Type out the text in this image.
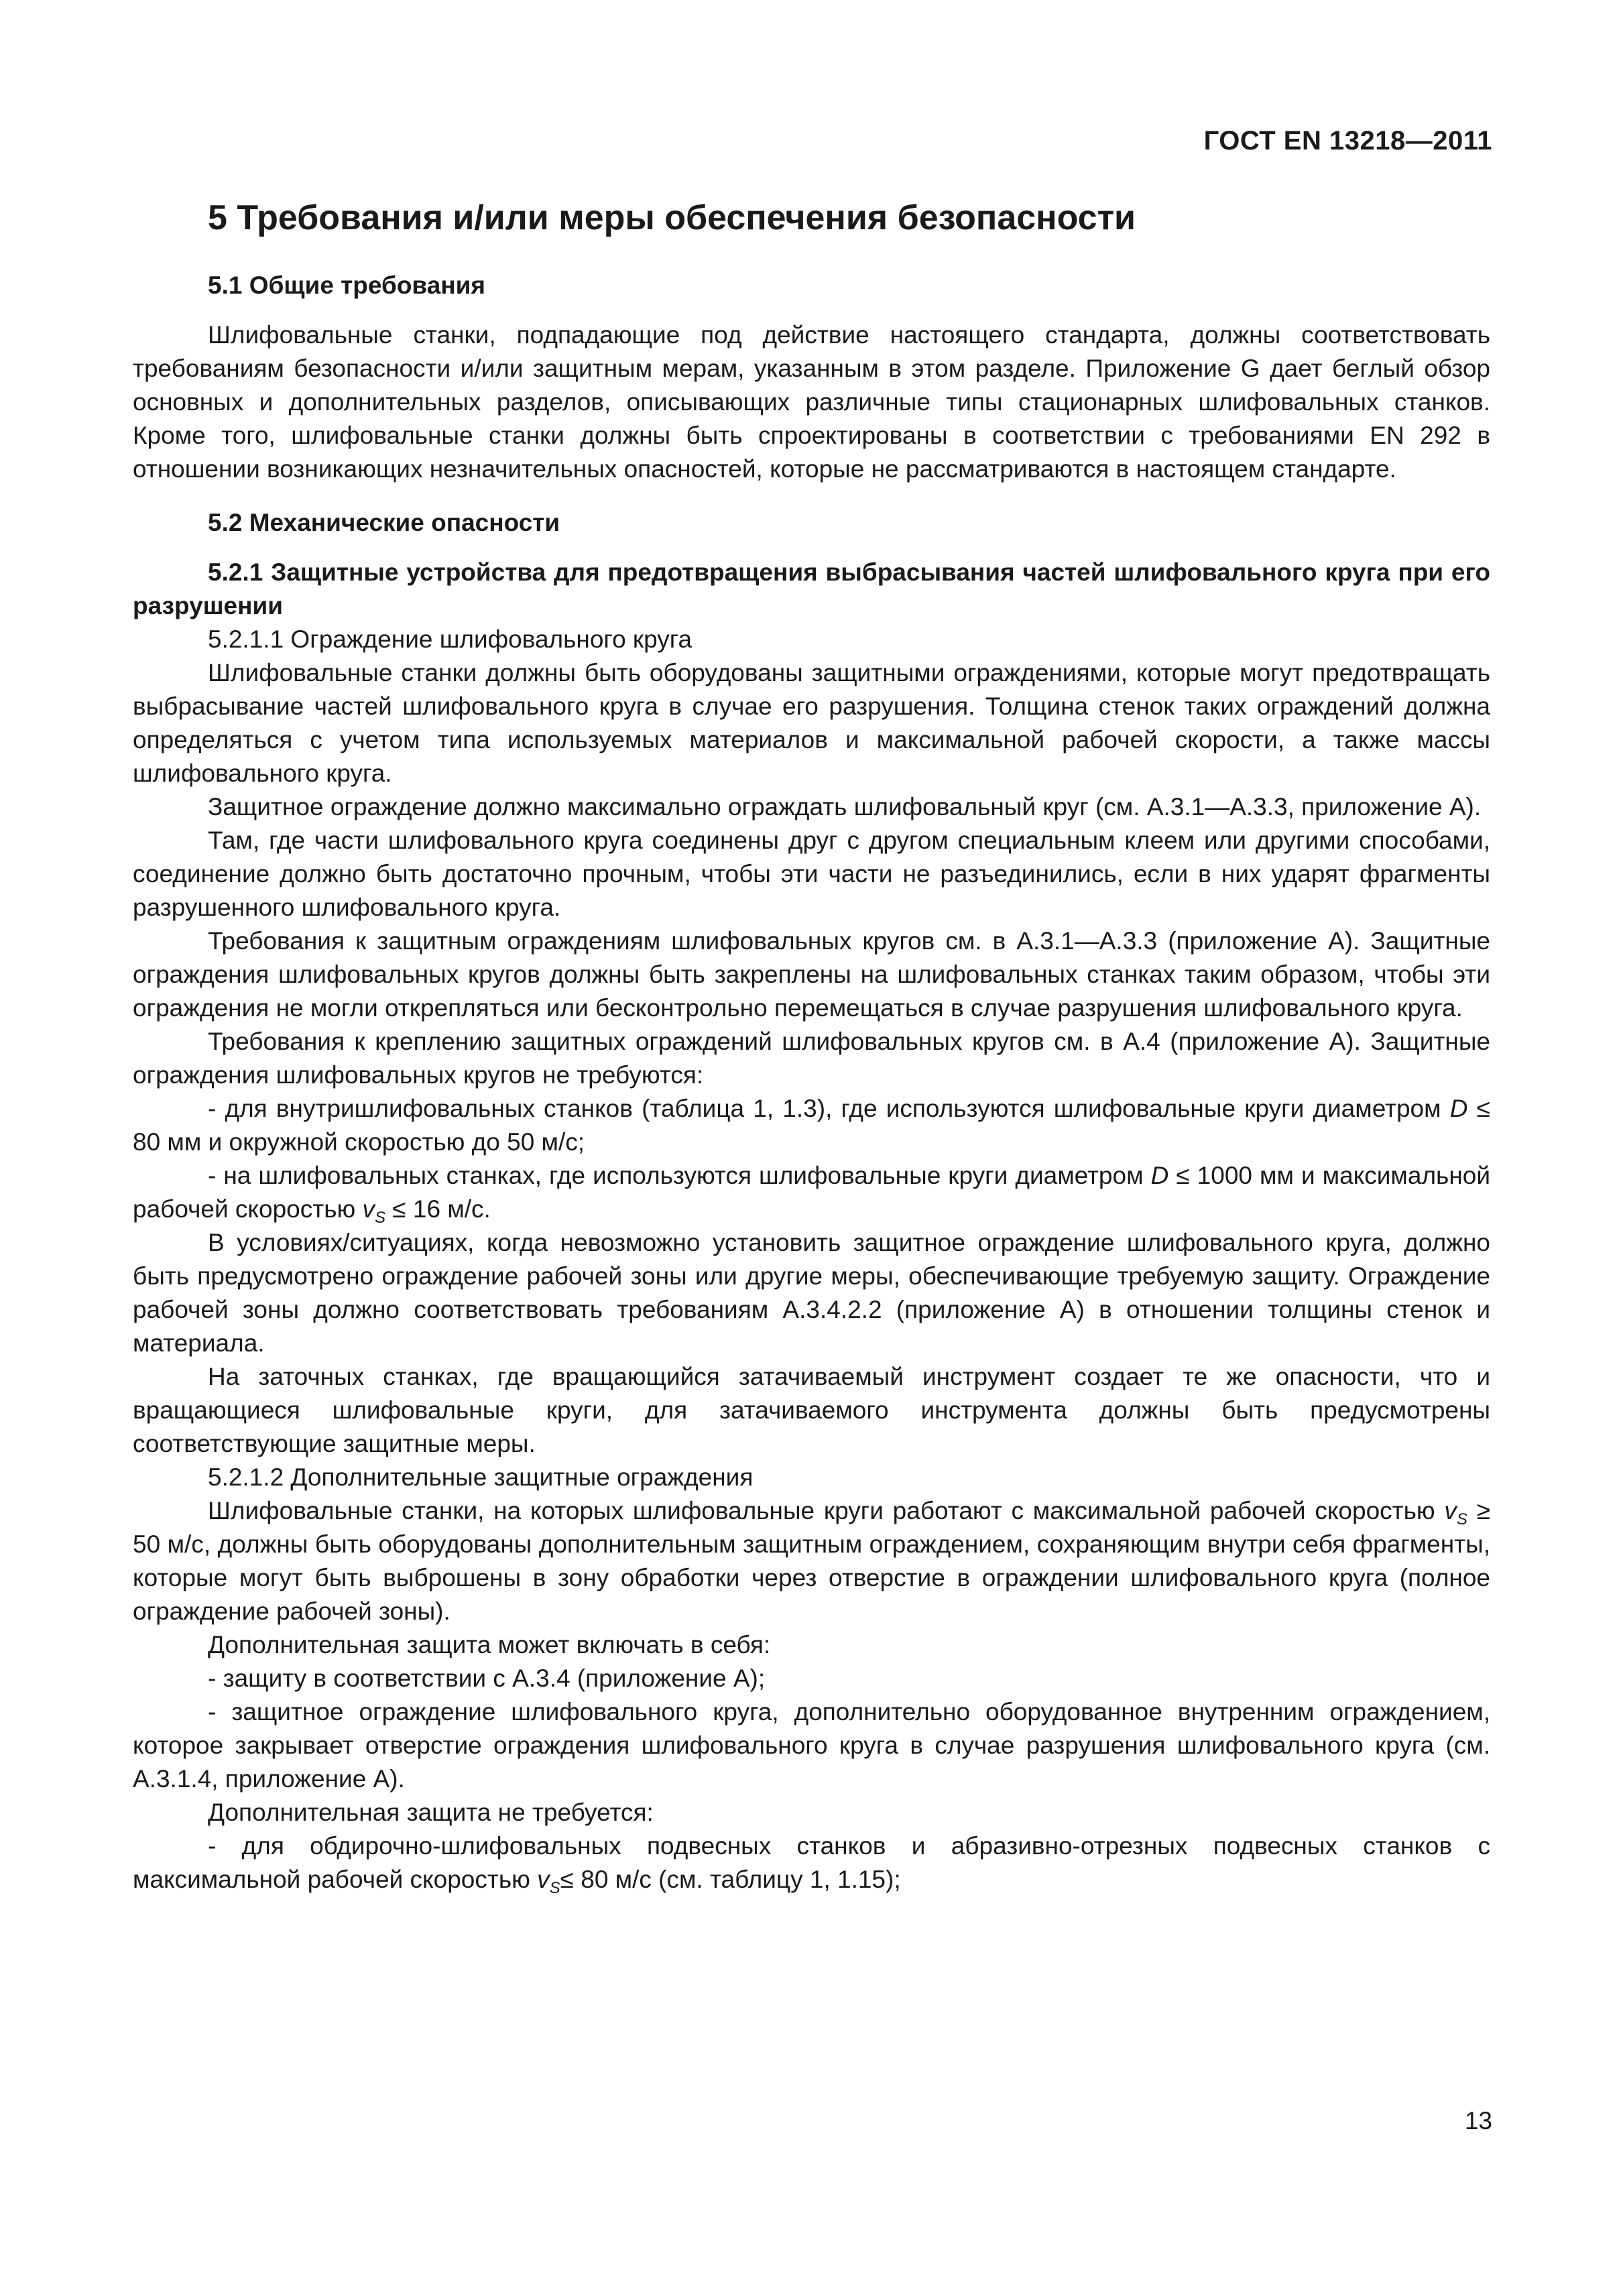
ГОСТ EN 13218—2011
5 Требования и/или меры обеспечения безопасности
5.1 Общие требования

Шлифовальные станки, подпадающие под действие настоящего стандарта, должны соответствовать требованиям безопасности и/или защитным мерам, указанным в этом разделе. Приложение G дает беглый обзор основных и дополнительных разделов, описывающих различные типы стационарных шлифовальных станков. Кроме того, шлифовальные станки должны быть спроектированы в соответствии с требованиями EN 292 в отношении возникающих незначительных опасностей, которые не рассматриваются в настоящем стандарте.

5.2 Механические опасности

5.2.1 Защитные устройства для предотвращения выбрасывания частей шлифовального круга при его разрушении

5.2.1.1 Ограждение шлифовального круга

Шлифовальные станки должны быть оборудованы защитными ограждениями, которые могут предотвращать выбрасывание частей шлифовального круга в случае его разрушения. Толщина стенок таких ограждений должна определяться с учетом типа используемых материалов и максимальной рабочей скорости, а также массы шлифовального круга.

Защитное ограждение должно максимально ограждать шлифовальный круг (см. А.3.1—А.3.3, приложение А).

Там, где части шлифовального круга соединены друг с другом специальным клеем или другими способами, соединение должно быть достаточно прочным, чтобы эти части не разъединились, если в них ударят фрагменты разрушенного шлифовального круга.

Требования к защитным ограждениям шлифовальных кругов см. в А.3.1—А.3.3 (приложение А). Защитные ограждения шлифовальных кругов должны быть закреплены на шлифовальных станках таким образом, чтобы эти ограждения не могли открепляться или бесконтрольно перемещаться в случае разрушения шлифовального круга.

Требования к креплению защитных ограждений шлифовальных кругов см. в А.4 (приложение А). Защитные ограждения шлифовальных кругов не требуются:

- для внутришлифовальных станков (таблица 1, 1.3), где используются шлифовальные круги диаметром D ≤ 80 мм и окружной скоростью до 50 м/с;

- на шлифовальных станках, где используются шлифовальные круги диаметром D ≤ 1000 мм и максимальной рабочей скоростью $v_S \le 16$ м/с.

В условиях/ситуациях, когда невозможно установить защитное ограждение шлифовального круга, должно быть предусмотрено ограждение рабочей зоны или другие меры, обеспечивающие требуемую защиту. Ограждение рабочей зоны должно соответствовать требованиям А.3.4.2.2 (приложение А) в отношении толщины стенок и материала.

На заточных станках, где вращающийся затачиваемый инструмент создает те же опасности, что и вращающиеся шлифовальные круги, для затачиваемого инструмента должны быть предусмотрены соответствующие защитные меры.

5.2.1.2 Дополнительные защитные ограждения

Шлифовальные станки, на которых шлифовальные круги работают с максимальной рабочей скоростью $v_S \ge 50$ м/с, должны быть оборудованы дополнительным защитным ограждением, сохраняющим внутри себя фрагменты, которые могут быть выброшены в зону обработки через отверстие в ограждении шлифовального круга (полное ограждение рабочей зоны).

Дополнительная защита может включать в себя:

- защиту в соответствии с А.3.4 (приложение А);

- защитное ограждение шлифовального круга, дополнительно оборудованное внутренним ограждением, которое закрывает отверстие ограждения шлифовального круга в случае разрушения шлифовального круга (см. А.3.1.4, приложение А).

Дополнительная защита не требуется:

- для обдирочно-шлифовальных подвесных станков и абразивно-отрезных подвесных станков с максимальной рабочей скоростью $v_S\le 80$ м/с (см. таблицу 1, 1.15);

13
